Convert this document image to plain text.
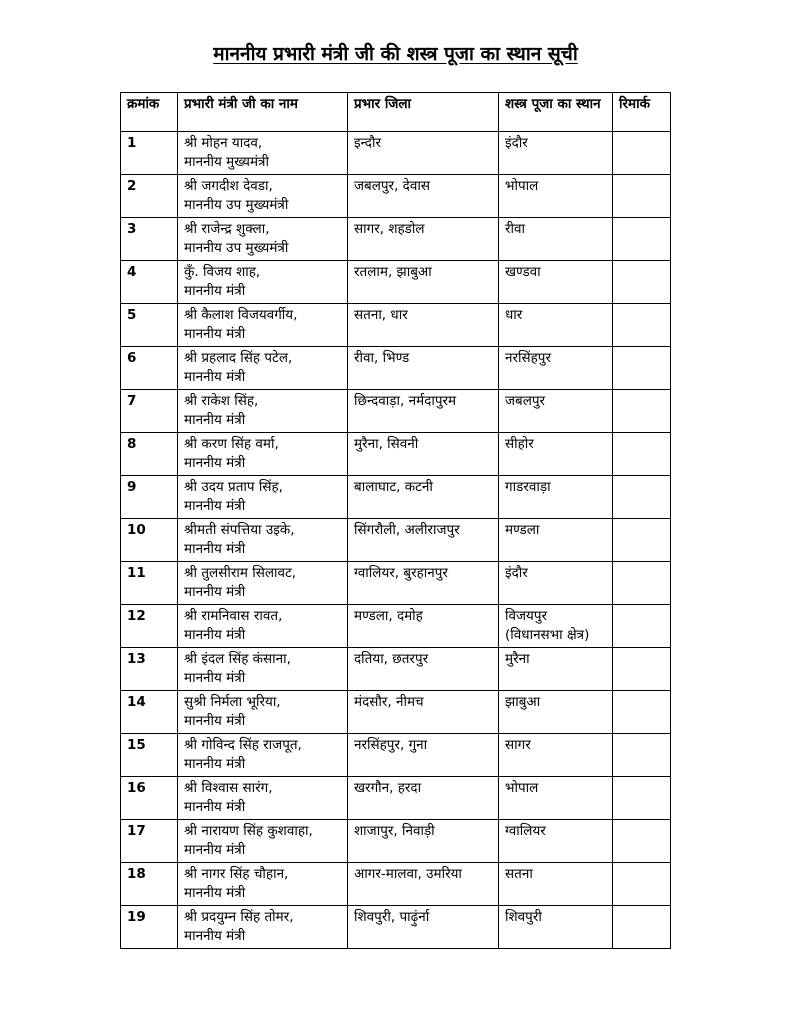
माननीय प्रभारी मंत्री जी की शस्त्र पूजा का स्थान सूची
क्रमांक	प्रभारी मंत्री जी का नाम	प्रभार जिला	शस्त्र पूजा का स्थान	रिमार्क
1	श्री मोहन यादव,
माननीय मुख्यमंत्री	इन्दौर	इंदौर	

2	श्री जगदीश देवडा,
माननीय उप मुख्यमंत्री	जबलपुर, देवास	भोपाल	

3	श्री राजेन्द्र शुक्ला,
माननीय उप मुख्यमंत्री	सागर, शहडोल	रीवा	

4	कुँ. विजय शाह,
माननीय मंत्री	रतलाम, झाबुआ	खण्डवा	

5	श्री कैलाश विजयवर्गीय,
माननीय मंत्री	सतना, धार	धार	

6	श्री प्रहलाद सिंह पटेल,
माननीय मंत्री	रीवा, भिण्ड	नरसिंहपुर	

7	श्री राकेश सिंह,
माननीय मंत्री	छिन्दवाड़ा, नर्मदापुरम	जबलपुर	

8	श्री करण सिंह वर्मा,
माननीय मंत्री	मुरैना, सिवनी	सीहोर	

9	श्री उदय प्रताप सिंह,
माननीय मंत्री	बालाघाट, कटनी	गाडरवाड़ा	

10	श्रीमती संपत्तिया उइके,
माननीय मंत्री	सिंगरौली, अलीराजपुर	मण्डला	

11	श्री तुलसीराम सिलावट,
माननीय मंत्री	ग्वालियर, बुरहानपुर	इंदौर	

12	श्री रामनिवास रावत,
माननीय मंत्री	मण्डला, दमोह	विजयपुर
(विधानसभा क्षेत्र)	

13	श्री इंदल सिंह कंसाना,
माननीय मंत्री	दतिया, छतरपुर	मुरैना	

14	सुश्री निर्मला भूरिया,
माननीय मंत्री	मंदसौर, नीमच	झाबुआ	

15	श्री गोविन्द सिंह राजपूत,
माननीय मंत्री	नरसिंहपुर, गुना	सागर	

16	श्री विश्वास सारंग,
माननीय मंत्री	खरगौन, हरदा	भोपाल	

17	श्री नारायण सिंह कुशवाहा,
माननीय मंत्री	शाजापुर, निवाड़ी	ग्वालियर	

18	श्री नागर सिंह चौहान,
माननीय मंत्री	आगर-मालवा, उमरिया	सतना	

19	श्री प्रदयुम्न सिंह तोमर,
माननीय मंत्री	शिवपुरी, पाढ़ुंर्ना	शिवपुरी	
